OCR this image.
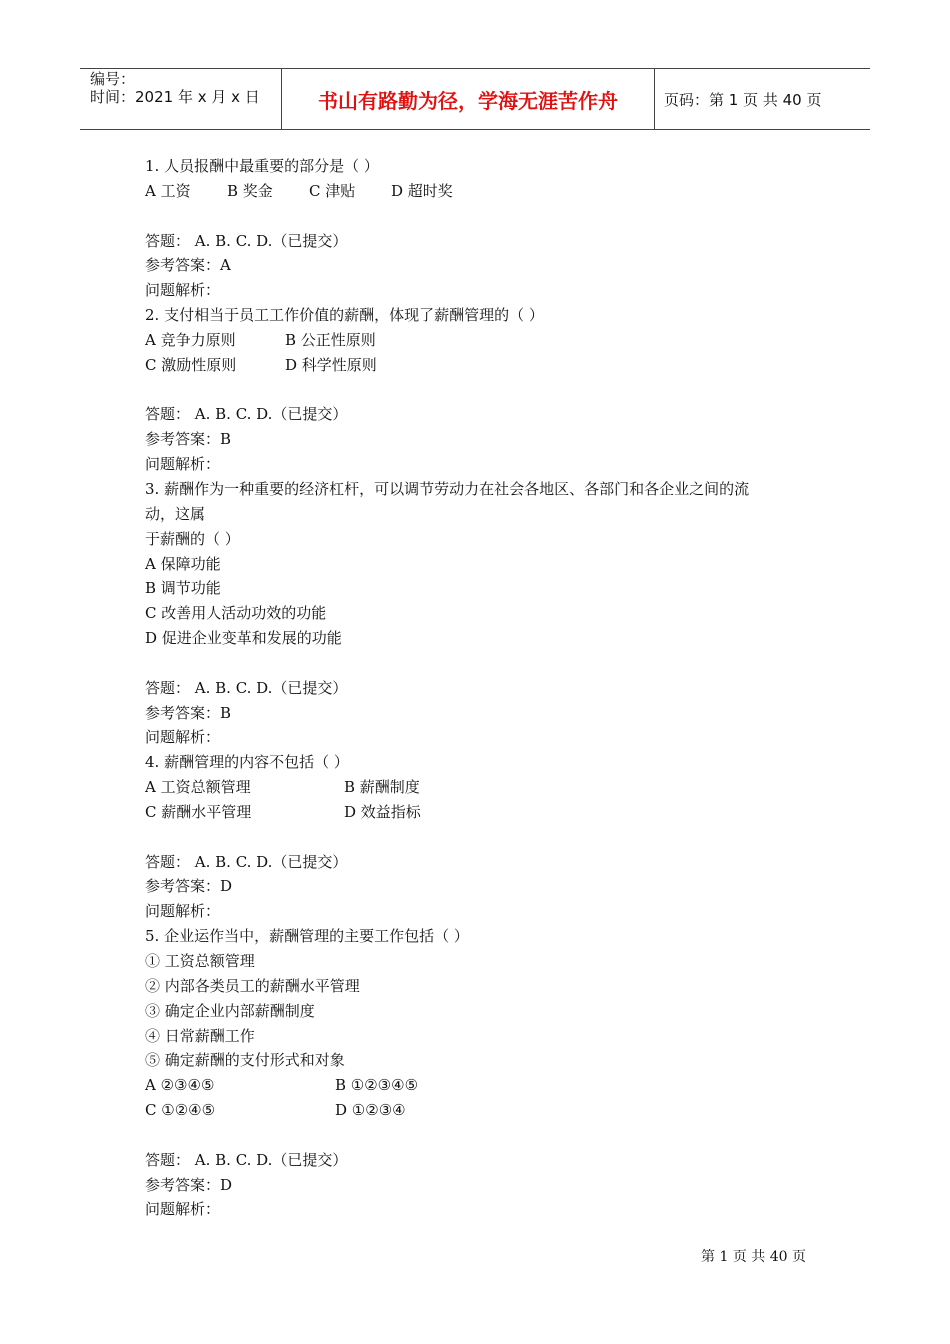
编号：
时间：2021 年 x 月 x 日	书山有路勤为径，学海无涯苦作舟	页码：第 1 页 共 40 页
1. 人员报酬中最重要的部分是（ ）
A 工资 B 奖金 C 津贴 D 超时奖
答题： A. B. C. D.（已提交）
参考答案：A
问题解析：
2. 支付相当于员工工作价值的薪酬，体现了薪酬管理的（ ）
A 竞争力原则	B 公正性原则
C 激励性原则	D 科学性原则
答题： A. B. C. D.（已提交）
参考答案：B
问题解析：
3. 薪酬作为一种重要的经济杠杆，可以调节劳动力在社会各地区、各部门和各企业之间的流
动，这属
于薪酬的（ ）
A 保障功能
B 调节功能
C 改善用人活动功效的功能
D 促进企业变革和发展的功能
答题： A. B. C. D.（已提交）
参考答案：B
问题解析：
4. 薪酬管理的内容不包括（ ）
A 工资总额管理	B 薪酬制度
C 薪酬水平管理	D 效益指标
答题： A. B. C. D.（已提交）
参考答案：D
问题解析：
5. 企业运作当中，薪酬管理的主要工作包括（ ）
① 工资总额管理
② 内部各类员工的薪酬水平管理
③ 确定企业内部薪酬制度
④ 日常薪酬工作
⑤ 确定薪酬的支付形式和对象
A ②③④⑤	B ①②③④⑤
C ①②④⑤	D ①②③④
答题： A. B. C. D.（已提交）
参考答案：D
问题解析：
第 1 页 共 40 页
